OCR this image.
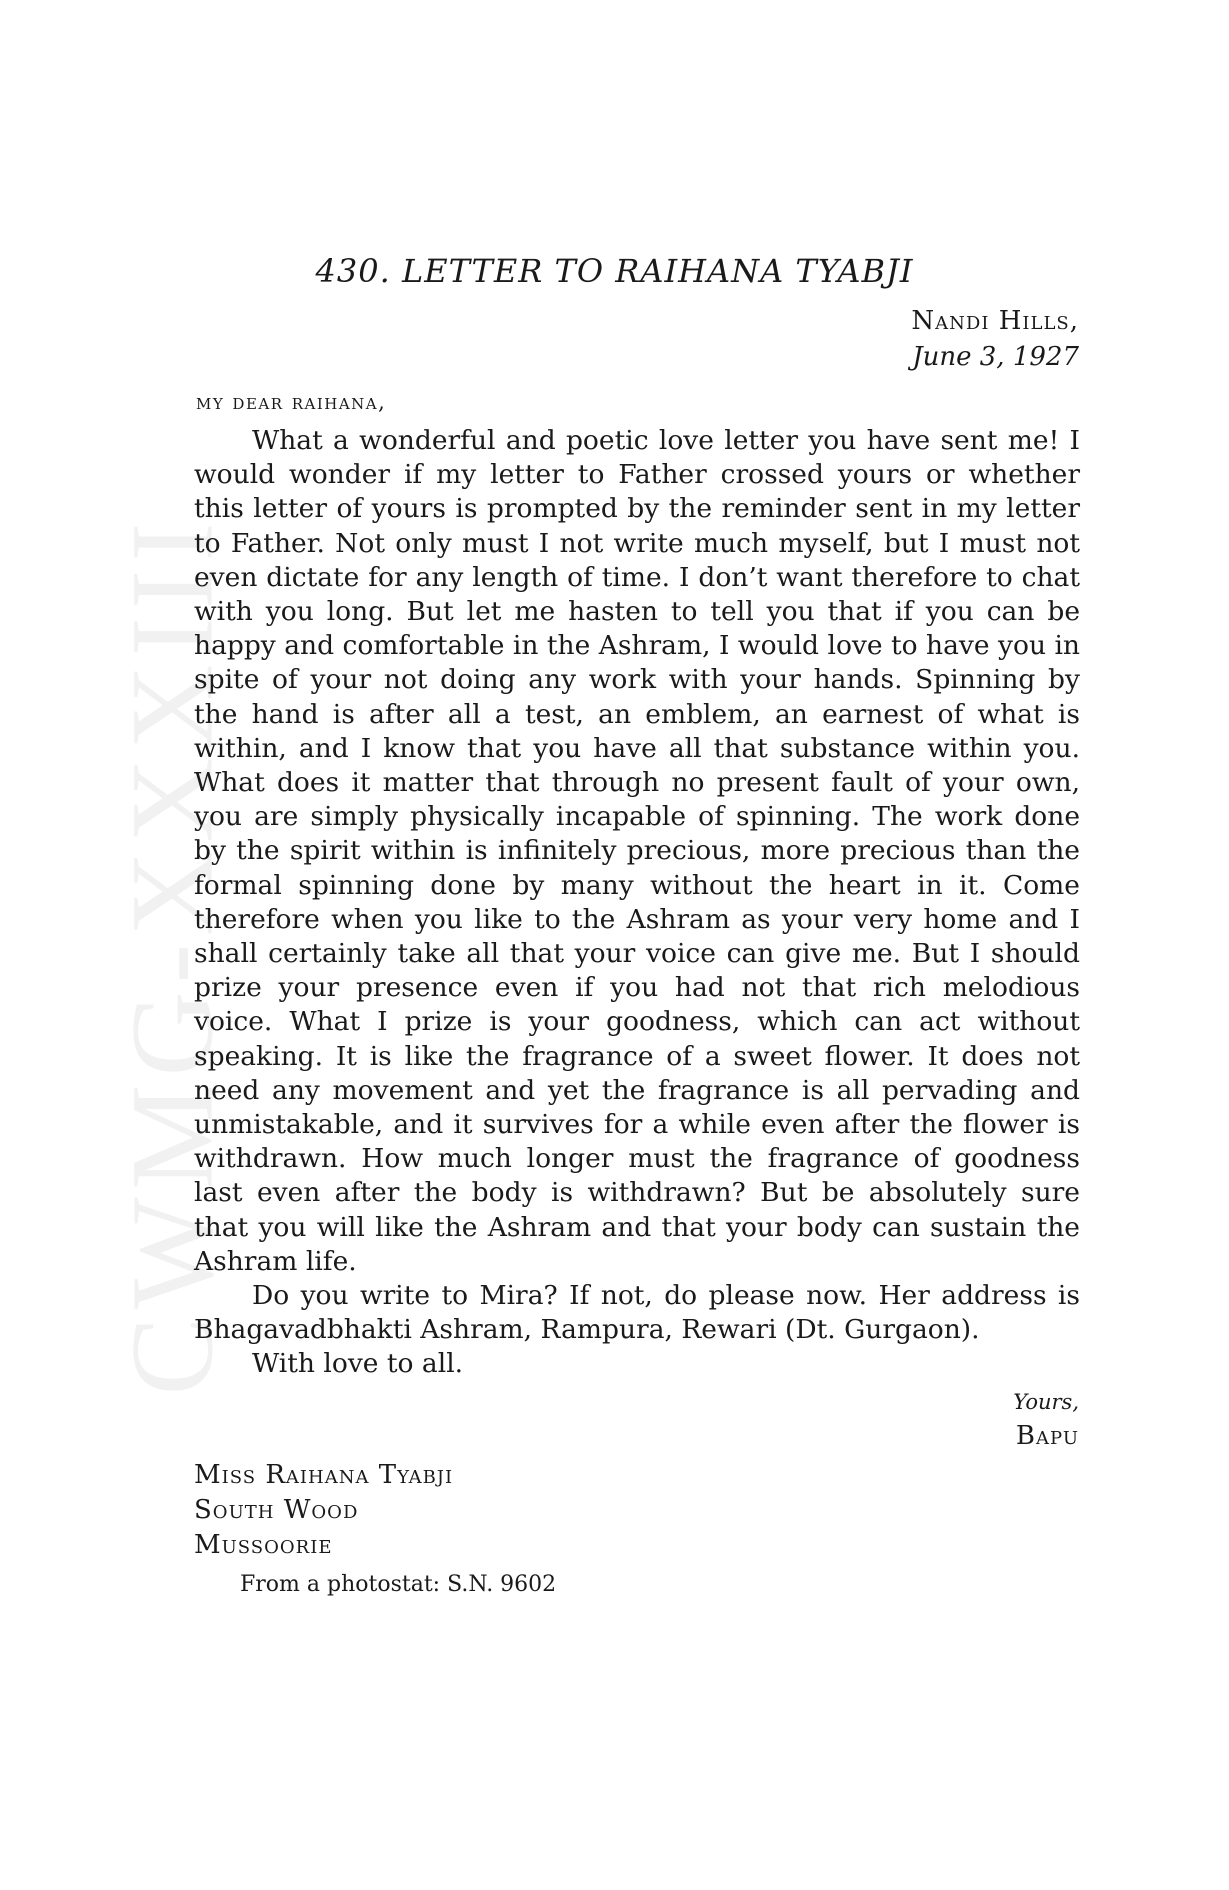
CWMG-XXXIII
430. LETTER TO RAIHANA TYABJI
Nandi Hills,
June 3, 1927
my dear raihana,

What a wonderful and poetic love letter you have sent me! I would wonder if my letter to Father crossed yours or whether this letter of yours is prompted by the reminder sent in my letter to Father. Not only must I not write much myself, but I must not even dictate for any length of time. I don’t want therefore to chat with you long. But let me hasten to tell you that if you can be happy and comfortable in the Ashram, I would love to have you in spite of your not doing any work with your hands. Spinning by the hand is after all a test, an emblem, an earnest of what is within, and I know that you have all that substance within you. What does it matter that through no present fault of your own, you are simply physically incapable of spinning. The work done by the spirit within is infinitely precious, more precious than the formal spinning done by many without the heart in it. Come therefore when you like to the Ashram as your very home and I shall certainly take all that your voice can give me. But I should prize your presence even if you had not that rich melodious voice. What I prize is your goodness, which can act without speaking. It is like the fragrance of a sweet flower. It does not need any movement and yet the fragrance is all pervading and unmistakable, and it survives for a while even after the flower is withdrawn. How much longer must the fragrance of goodness last even after the body is withdrawn? But be absolutely sure that you will like the Ashram and that your body can sustain the Ashram life.

Do you write to Mira? If not, do please now. Her address is Bhagavadbhakti Ashram, Rampura, Rewari (Dt. Gurgaon).

With love to all.

Yours,
Bapu
Miss Raihana Tyabji
South Wood
Mussoorie
From a photostat: S.N. 9602
